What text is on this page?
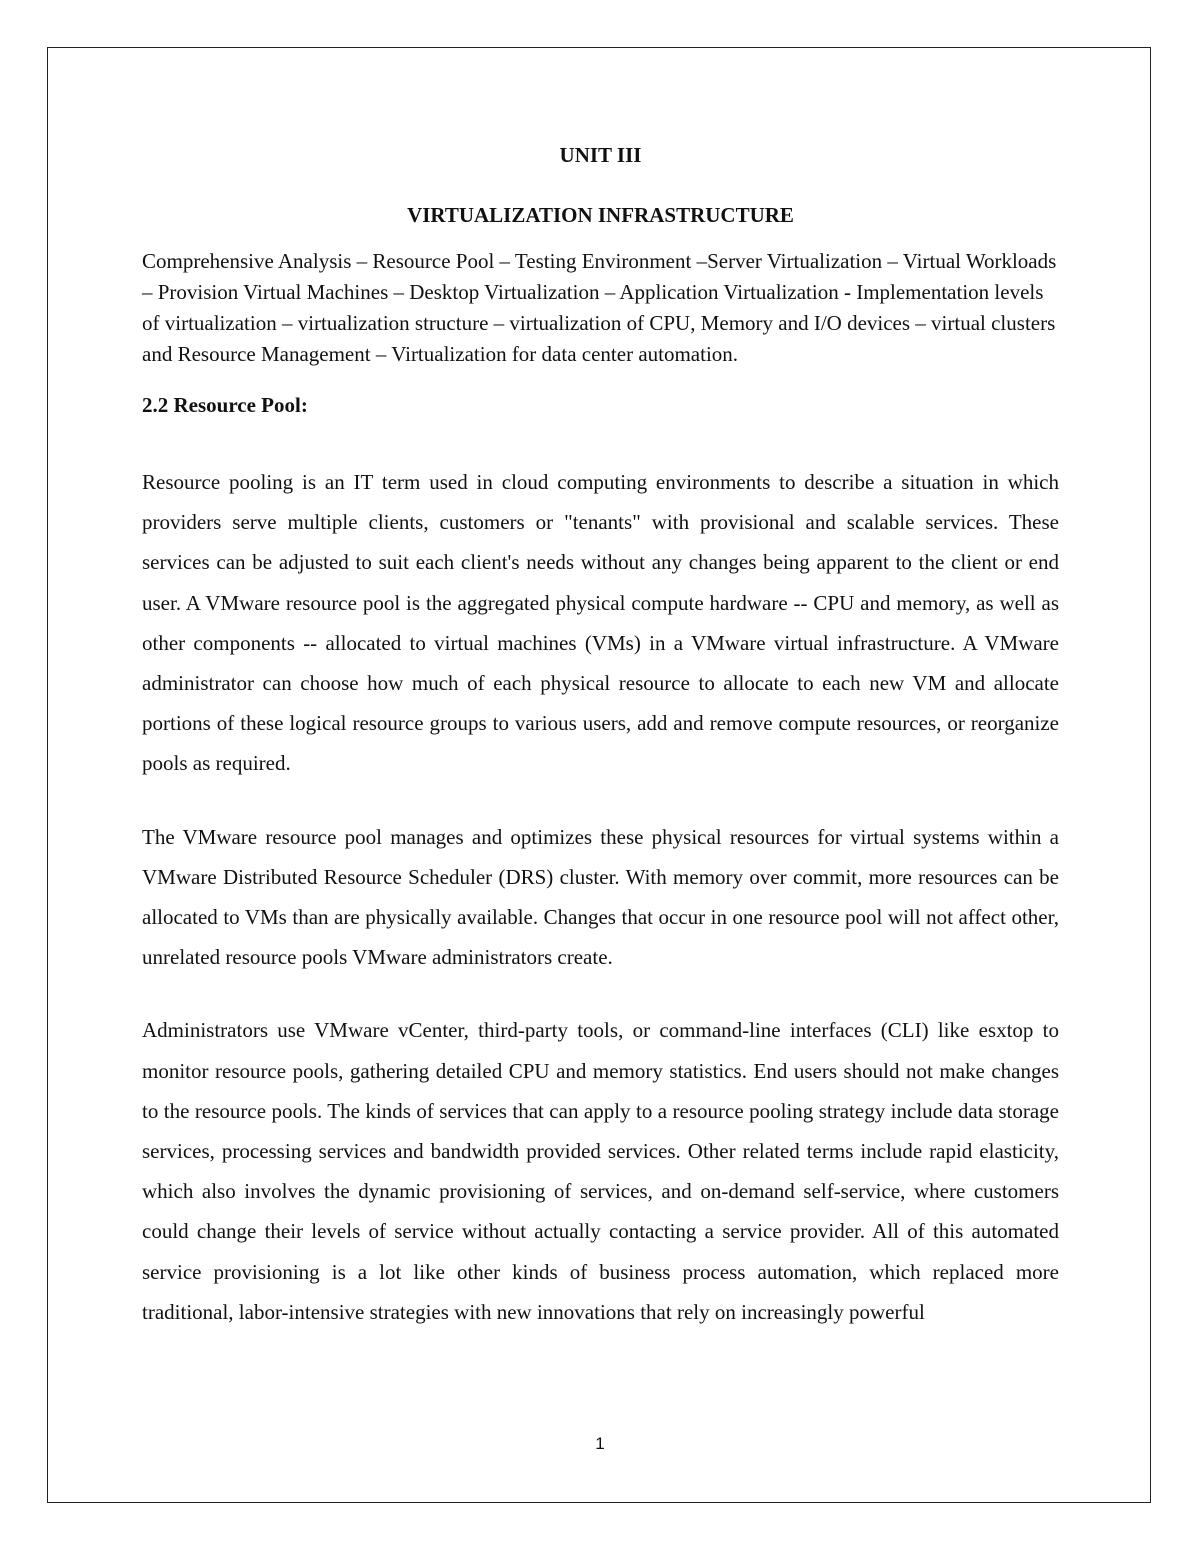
UNIT III
VIRTUALIZATION INFRASTRUCTURE

Comprehensive Analysis – Resource Pool – Testing Environment –Server Virtualization – Virtual Workloads – Provision Virtual Machines – Desktop Virtualization – Application Virtualization - Implementation levels of virtualization – virtualization structure – virtualization of CPU, Memory and I/O devices – virtual clusters and Resource Management – Virtualization for data center automation.

2.2 Resource Pool:

Resource pooling is an IT term used in cloud computing environments to describe a situation in which providers serve multiple clients, customers or "tenants" with provisional and scalable services. These services can be adjusted to suit each client's needs without any changes being apparent to the client or end user. A VMware resource pool is the aggregated physical compute hardware -- CPU and memory, as well as other components -- allocated to virtual machines (VMs) in a VMware virtual infrastructure. A VMware administrator can choose how much of each physical resource to allocate to each new VM and allocate portions of these logical resource groups to various users, add and remove compute resources, or reorganize pools as required.

The VMware resource pool manages and optimizes these physical resources for virtual systems within a VMware Distributed Resource Scheduler (DRS) cluster. With memory over commit, more resources can be allocated to VMs than are physically available. Changes that occur in one resource pool will not affect other, unrelated resource pools VMware administrators create.

Administrators use VMware vCenter, third-party tools, or command-line interfaces (CLI) like esxtop to monitor resource pools, gathering detailed CPU and memory statistics. End users should not make changes to the resource pools. The kinds of services that can apply to a resource pooling strategy include data storage services, processing services and bandwidth provided services. Other related terms include rapid elasticity, which also involves the dynamic provisioning of services, and on-demand self-service, where customers could change their levels of service without actually contacting a service provider. All of this automated service provisioning is a lot like other kinds of business process automation, which replaced more traditional, labor-intensive strategies with new innovations that rely on increasingly powerful

1
